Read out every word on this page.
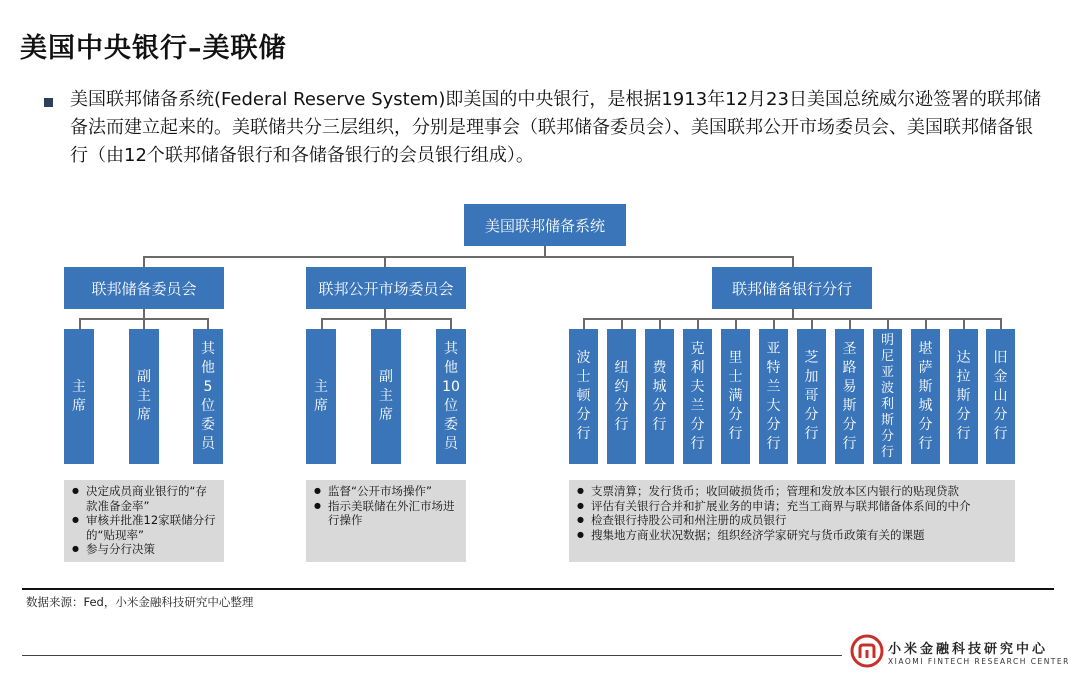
美国中央银行–美联储
美国联邦储备系统(Federal Reserve System)即美国的中央银行，是根据1913年12月23日美国总统威尔逊签署的联邦储备法而建立起来的。美联储共分三层组织，分别是理事会（联邦储备委员会）、美国联邦公开市场委员会、美国联邦储备银行（由12个联邦储备银行和各储备银行的会员银行组成）。
美国联邦储备系统
联邦储备委员会	联邦公开市场委员会	联邦储备银行分行
主
席
副
主
席
其
他
5
位
委
员
主
席
副
主
席
其
他
10
位
委
员
波
士
顿
分
行
纽
约
分
行
费
城
分
行
克
利
夫
兰
分
行
里
士
满
分
行
亚
特
兰
大
分
行
芝
加
哥
分
行
圣
路
易
斯
分
行
明
尼
亚
波
利
斯
分
行
堪
萨
斯
城
分
行
达
拉
斯
分
行
旧
金
山
分
行
● 决定成员商业银行的“存款准备金率”
● 审核并批准12家联储分行的“贴现率”
● 参与分行决策
● 监督“公开市场操作”
● 指示美联储在外汇市场进行操作
● 支票清算；发行货币；收回破损货币；管理和发放本区内银行的贴现贷款
● 评估有关银行合并和扩展业务的申请；充当工商界与联邦储备体系间的中介
● 检查银行持股公司和州注册的成员银行
● 搜集地方商业状况数据；组织经济学家研究与货币政策有关的课题
数据来源：Fed，小米金融科技研究中心整理
小米金融科技研究中心
XIAOMI FINTECH RESEARCH CENTER
